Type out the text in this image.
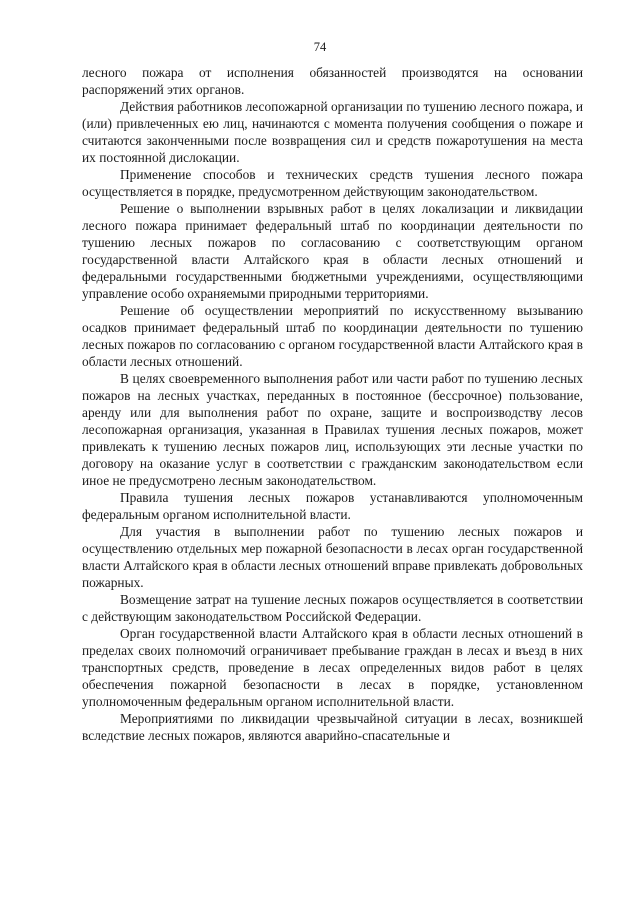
74

лесного пожара от исполнения обязанностей производятся на основании распоряжений этих органов.

Действия работников лесопожарной организации по тушению лесного пожара, и (или) привлеченных ею лиц, начинаются с момента получения сообщения о пожаре и считаются законченными после возвращения сил и средств пожаротушения на места их постоянной дислокации.

Применение способов и технических средств тушения лесного пожара осуществляется в порядке, предусмотренном действующим законодательством.

Решение о выполнении взрывных работ в целях локализации и ликвидации лесного пожара принимает федеральный штаб по координации деятельности по тушению лесных пожаров по согласованию с соответствующим органом государственной власти Алтайского края в области лесных отношений и федеральными государственными бюджетными учреждениями, осуществляющими управление особо охраняемыми природными территориями.

Решение об осуществлении мероприятий по искусственному вызыванию осадков принимает федеральный штаб по координации деятельности по тушению лесных пожаров по согласованию с органом государственной власти Алтайского края в области лесных отношений.

В целях своевременного выполнения работ или части работ по тушению лесных пожаров на лесных участках, переданных в постоянное (бессрочное) пользование, аренду или для выполнения работ по охране, защите и воспроизводству лесов лесопожарная организация, указанная в Правилах тушения лесных пожаров, может привлекать к тушению лесных пожаров лиц, использующих эти лесные участки по договору на оказание услуг в соответствии с гражданским законодательством если иное не предусмотрено лесным законодательством.

Правила тушения лесных пожаров устанавливаются уполномоченным федеральным органом исполнительной власти.

Для участия в выполнении работ по тушению лесных пожаров и осуществлению отдельных мер пожарной безопасности в лесах орган государственной власти Алтайского края в области лесных отношений вправе привлекать добровольных пожарных.

Возмещение затрат на тушение лесных пожаров осуществляется в соответствии с действующим законодательством Российской Федерации.

Орган государственной власти Алтайского края в области лесных отношений в пределах своих полномочий ограничивает пребывание граждан в лесах и въезд в них транспортных средств, проведение в лесах определенных видов работ в целях обеспечения пожарной безопасности в лесах в порядке, установленном уполномоченным федеральным органом исполнительной власти.

Мероприятиями по ликвидации чрезвычайной ситуации в лесах, возникшей вследствие лесных пожаров, являются аварийно-спасательные и
